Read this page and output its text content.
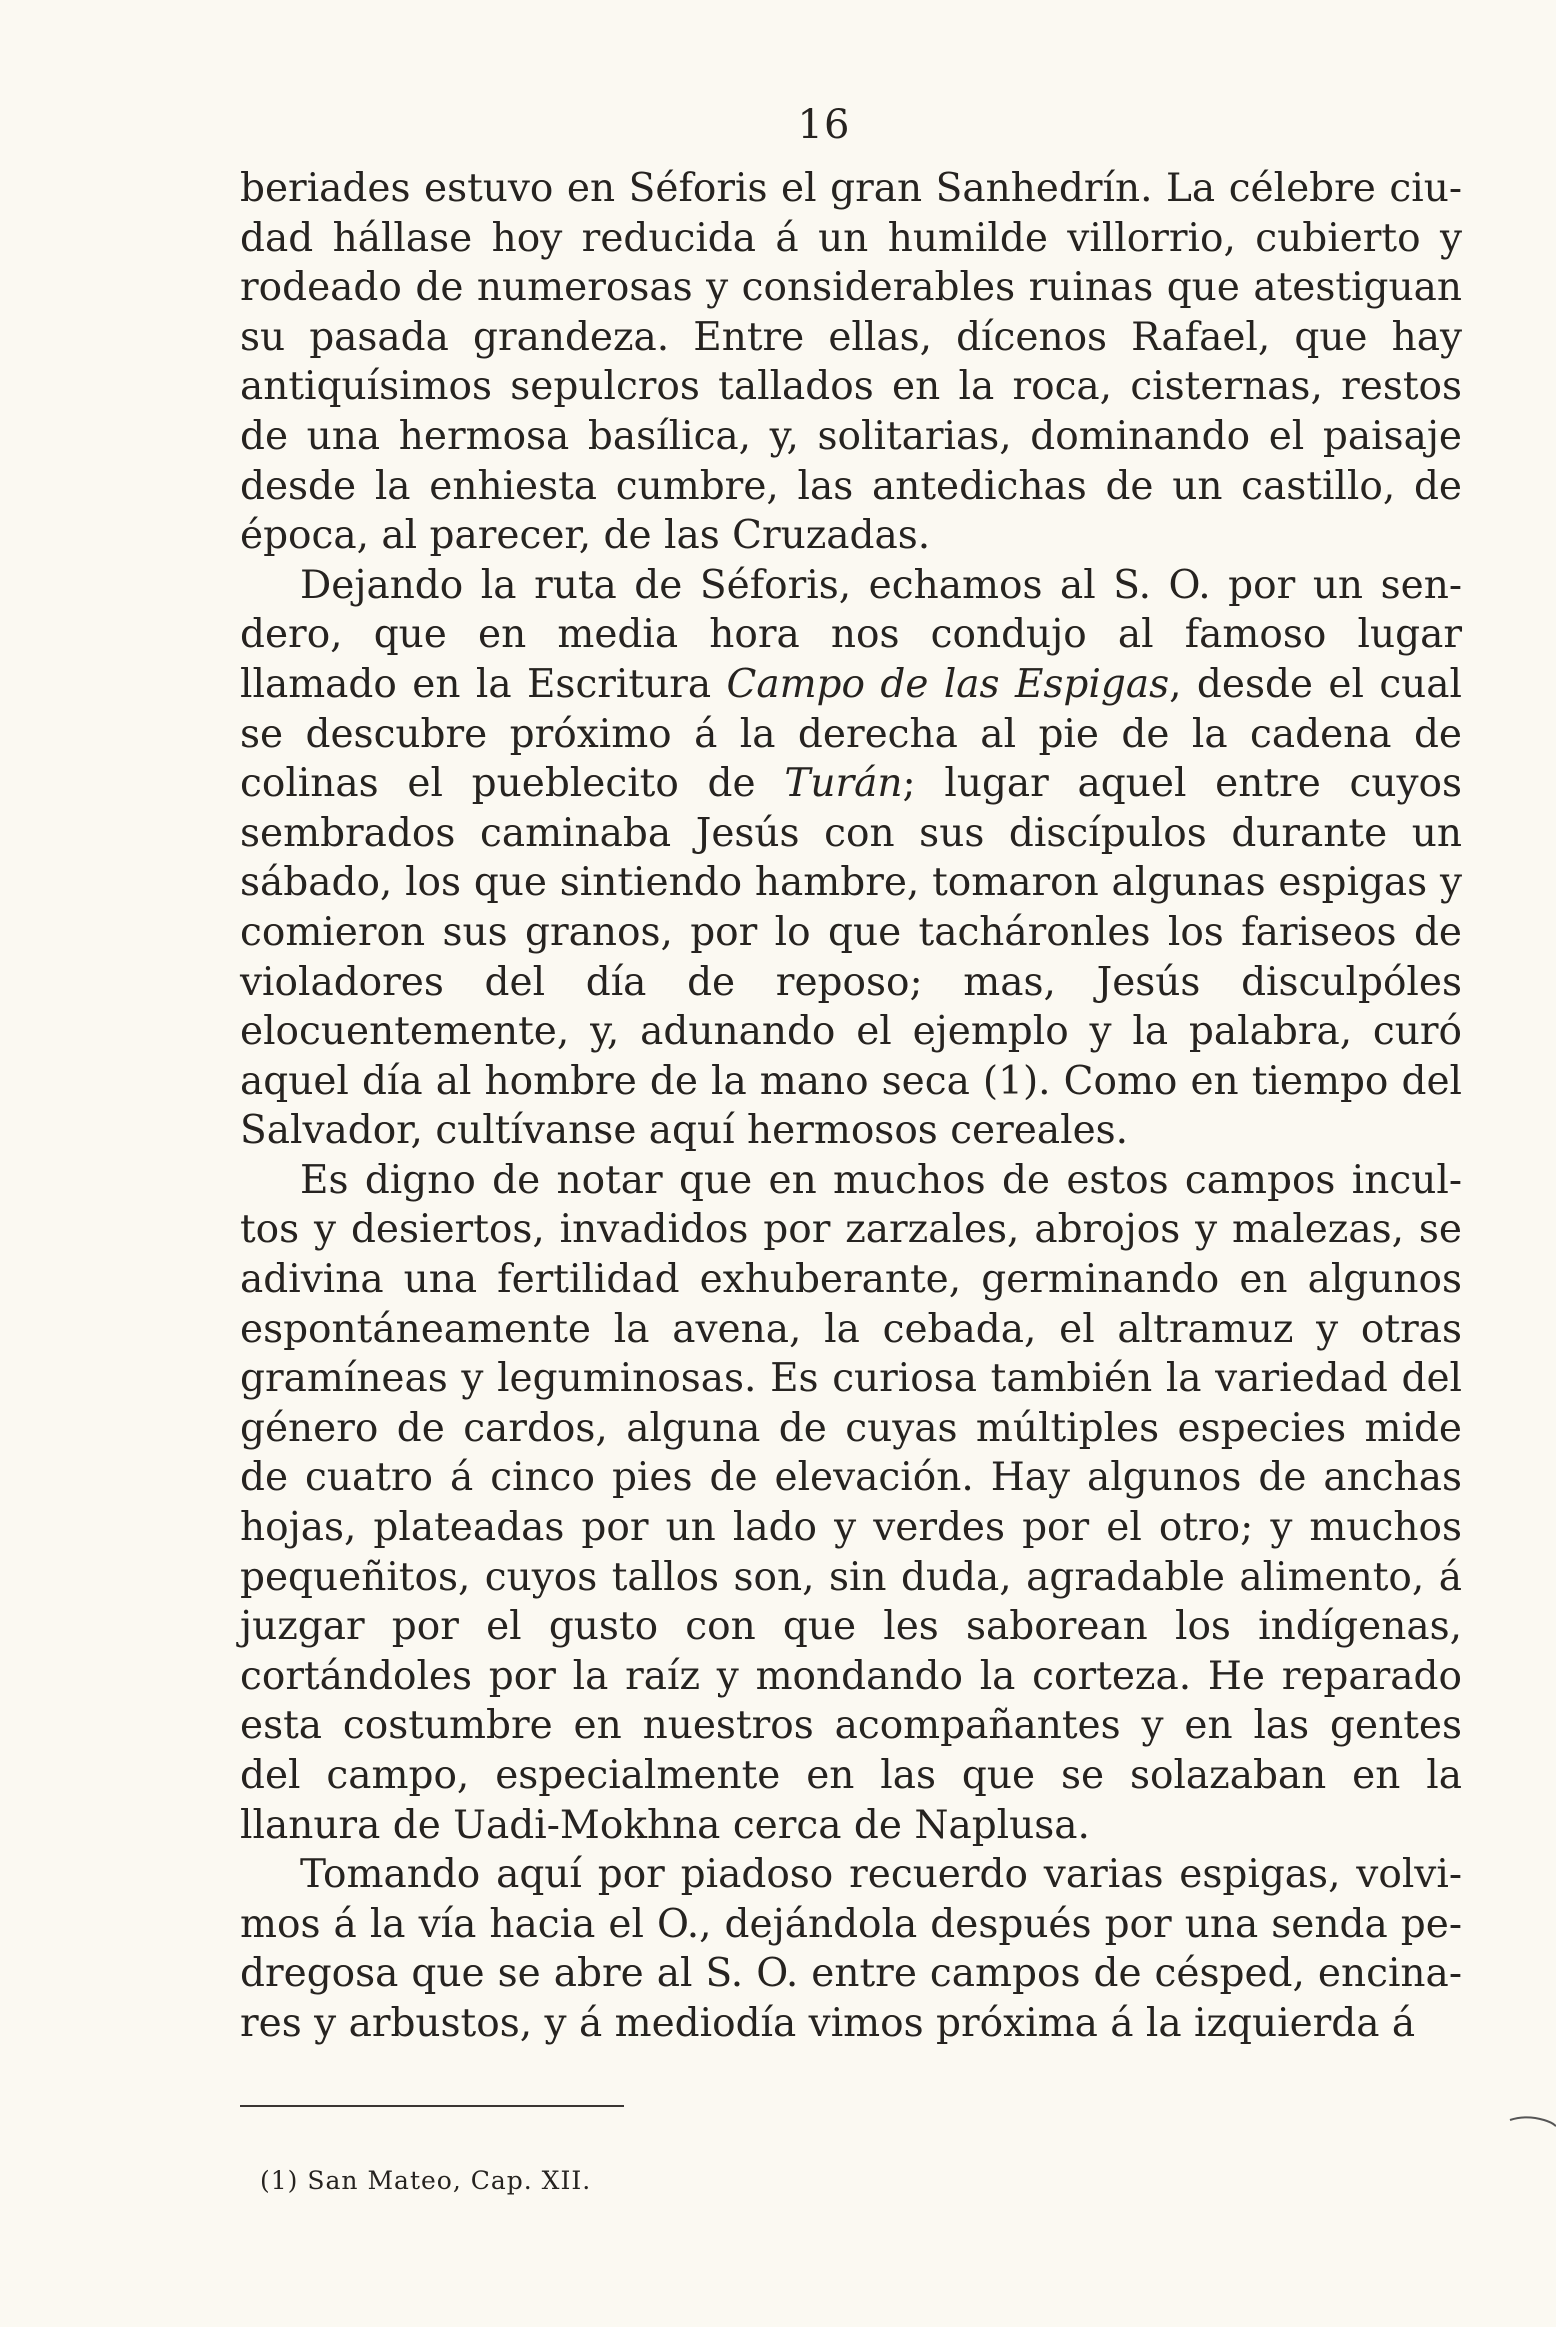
16

beriades estuvo en Séforis el gran Sanhedrín. La célebre ciudad hállase hoy reducida á un humilde villorrio, cubierto y rodeado de numerosas y considerables ruinas que atestiguan su pasada grandeza. Entre ellas, dícenos Rafael, que hay antiquísimos sepulcros tallados en la roca, cisternas, restos de una hermosa basílica, y, solitarias, dominando el paisaje desde la enhiesta cumbre, las antedichas de un castillo, de época, al parecer, de las Cruzadas.

Dejando la ruta de Séforis, echamos al S. O. por un sendero, que en media hora nos condujo al famoso lugar llamado en la Escritura Campo de las Espigas, desde el cual se descubre próximo á la derecha al pie de la cadena de colinas el pueblecito de Turán; lugar aquel entre cuyos sembrados caminaba Jesús con sus discípulos durante un sábado, los que sintiendo hambre, tomaron algunas espigas y comieron sus granos, por lo que tacháronles los fariseos de violadores del día de reposo; mas, Jesús disculpóles elocuentemente, y, adunando el ejemplo y la palabra, curó aquel día al hombre de la mano seca (1). Como en tiempo del Salvador, cultívanse aquí hermosos cereales.

Es digno de notar que en muchos de estos campos incultos y desiertos, invadidos por zarzales, abrojos y malezas, se adivina una fertilidad exhuberante, germinando en algunos espontáneamente la avena, la cebada, el altramuz y otras gramíneas y leguminosas. Es curiosa también la variedad del género de cardos, alguna de cuyas múltiples especies mide de cuatro á cinco pies de elevación. Hay algunos de anchas hojas, plateadas por un lado y verdes por el otro; y muchos pequeñitos, cuyos tallos son, sin duda, agradable alimento, á juzgar por el gusto con que les saborean los indígenas, cortándoles por la raíz y mondando la corteza. He reparado esta costumbre en nuestros acompañantes y en las gentes del campo, especialmente en las que se solazaban en la llanura de Uadi-Mokhna cerca de Naplusa.

Tomando aquí por piadoso recuerdo varias espigas, volvimos á la vía hacia el O., dejándola después por una senda pedregosa que se abre al S. O. entre campos de césped, encinares y arbustos, y á mediodía vimos próxima á la izquierda á

(1) San Mateo, Cap. XII.
